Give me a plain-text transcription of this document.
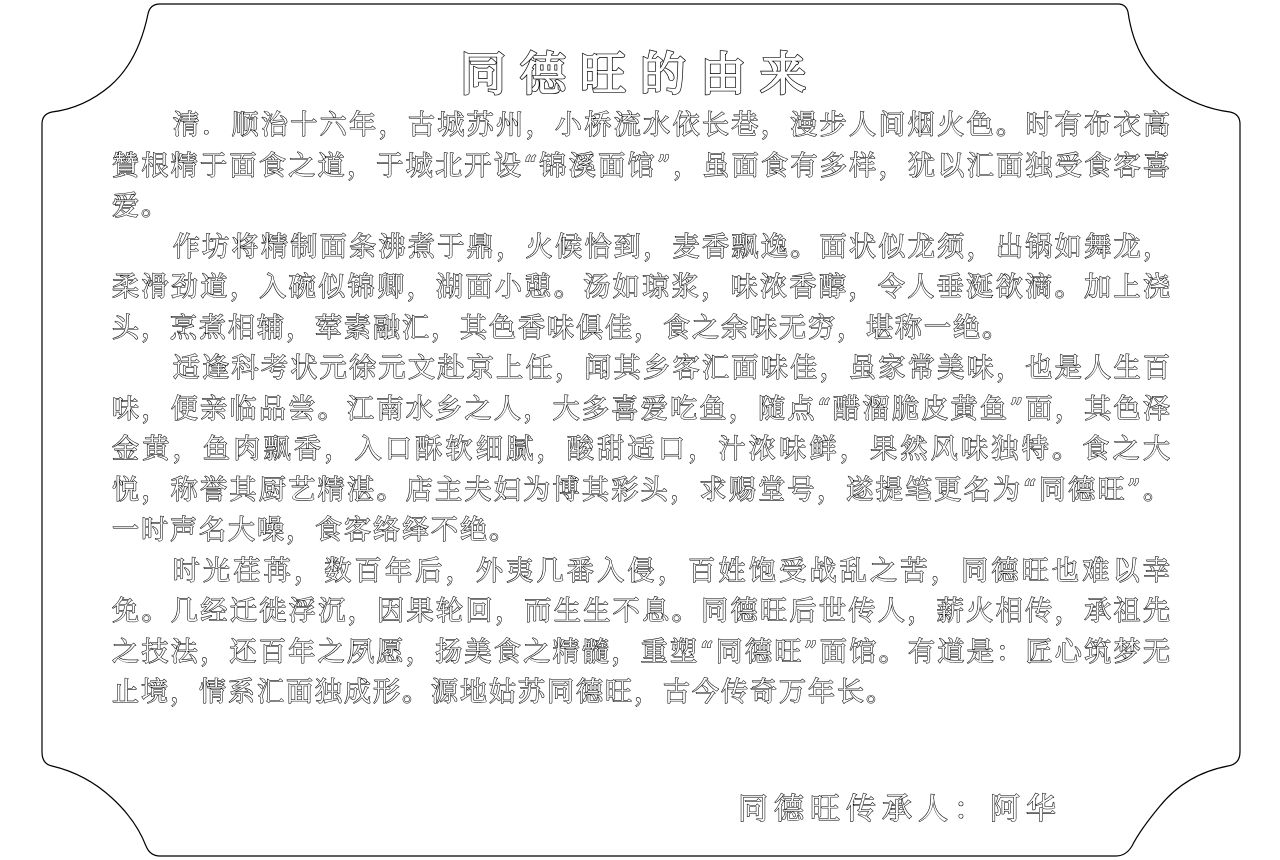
同德旺的由来

清．顺治十六年，古城苏州，小桥流水依长巷，漫步人间烟火色。时有布衣高贊根精于面食之道，于城北开设“锦溪面馆”，虽面食有多样，犹以汇面独受食客喜爱。

作坊将精制面条沸煮于鼎，火候恰到，麦香飘逸。面状似龙须，出锅如舞龙，柔滑劲道，入碗似锦卿，湖面小憩。汤如琼浆，味浓香醇，令人垂涎欲滴。加上浇头，烹煮相辅，荤素融汇，其色香味俱佳，食之余味无穷，堪称一绝。

适逢科考状元徐元文赴京上任，闻其乡客汇面味佳，虽家常美味，也是人生百味，便亲临品尝。江南水乡之人，大多喜爱吃鱼，随点“醋溜脆皮黄鱼”面，其色泽金黄，鱼肉飘香，入口酥软细腻，酸甜适口，汁浓味鲜，果然风味独特。食之大悦，称誉其厨艺精湛。店主夫妇为博其彩头，求赐堂号，遂提笔更名为“同德旺”。一时声名大噪，食客络绎不绝。

时光荏苒，数百年后，外夷几番入侵，百姓饱受战乱之苦，同德旺也难以幸免。几经迁徙浮沉，因果轮回，而生生不息。同德旺后世传人，薪火相传，承祖先之技法，还百年之夙愿，扬美食之精髓，重塑“同德旺”面馆。有道是：匠心筑梦无止境，情系汇面独成形。源地姑苏同德旺，古今传奇万年长。

同德旺传承人：阿华
